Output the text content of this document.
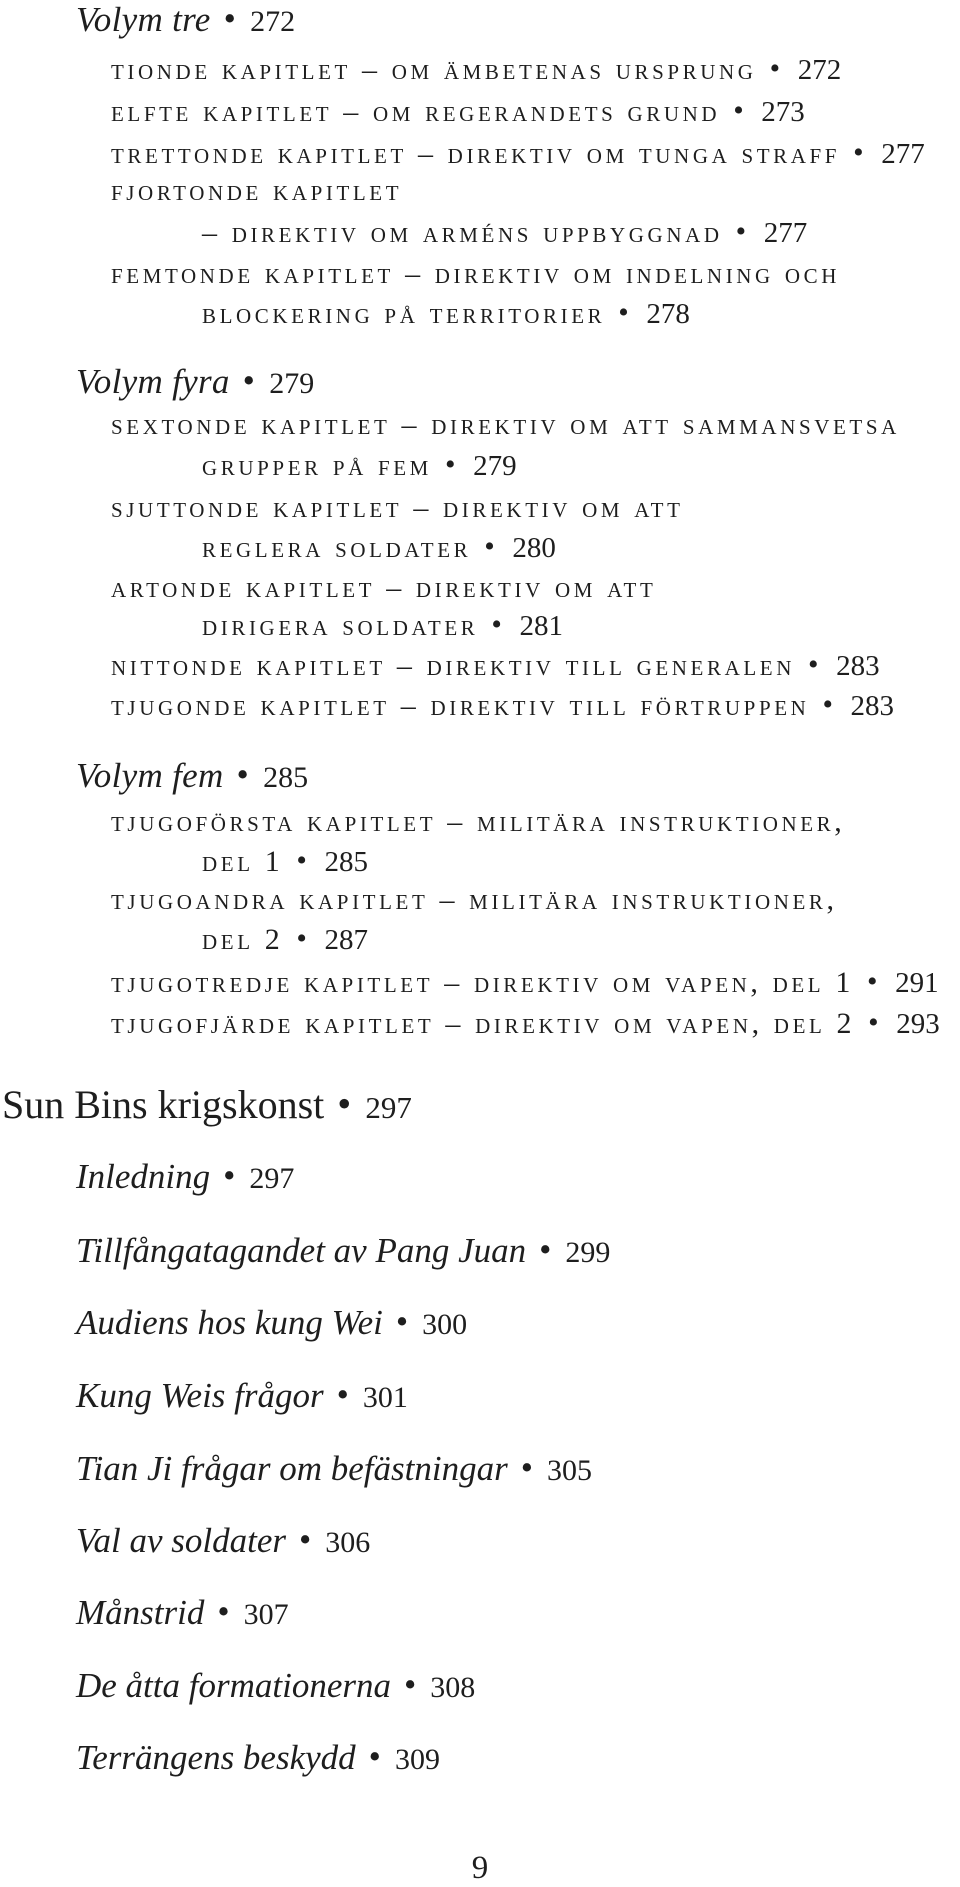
Volym tre • 272
tionde kapitlet – om ämbetenas ursprung • 272
elfte kapitlet – om regerandets grund • 273
trettonde kapitlet – direktiv om tunga straff • 277
fjortonde kapitlet
– direktiv om arméns uppbyggnad • 277
femtonde kapitlet – direktiv om indelning och
blockering på territorier • 278
Volym fyra • 279
sextonde kapitlet – direktiv om att sammansvetsa
grupper på fem • 279
sjuttonde kapitlet – direktiv om att
reglera soldater • 280
artonde kapitlet – direktiv om att
dirigera soldater • 281
nittonde kapitlet – direktiv till generalen • 283
tjugonde kapitlet – direktiv till förtruppen • 283
Volym fem • 285
tjugoförsta kapitlet – militära instruktioner,
del 1 • 285
tjugoandra kapitlet – militära instruktioner,
del 2 • 287
tjugotredje kapitlet – direktiv om vapen, del 1 • 291
tjugofjärde kapitlet – direktiv om vapen, del 2 • 293
Sun Bins krigskonst • 297
Inledning • 297
Tillfångatagandet av Pang Juan • 299
Audiens hos kung Wei • 300
Kung Weis frågor • 301
Tian Ji frågar om befästningar • 305
Val av soldater • 306
Månstrid • 307
De åtta formationerna • 308
Terrängens beskydd • 309
9
